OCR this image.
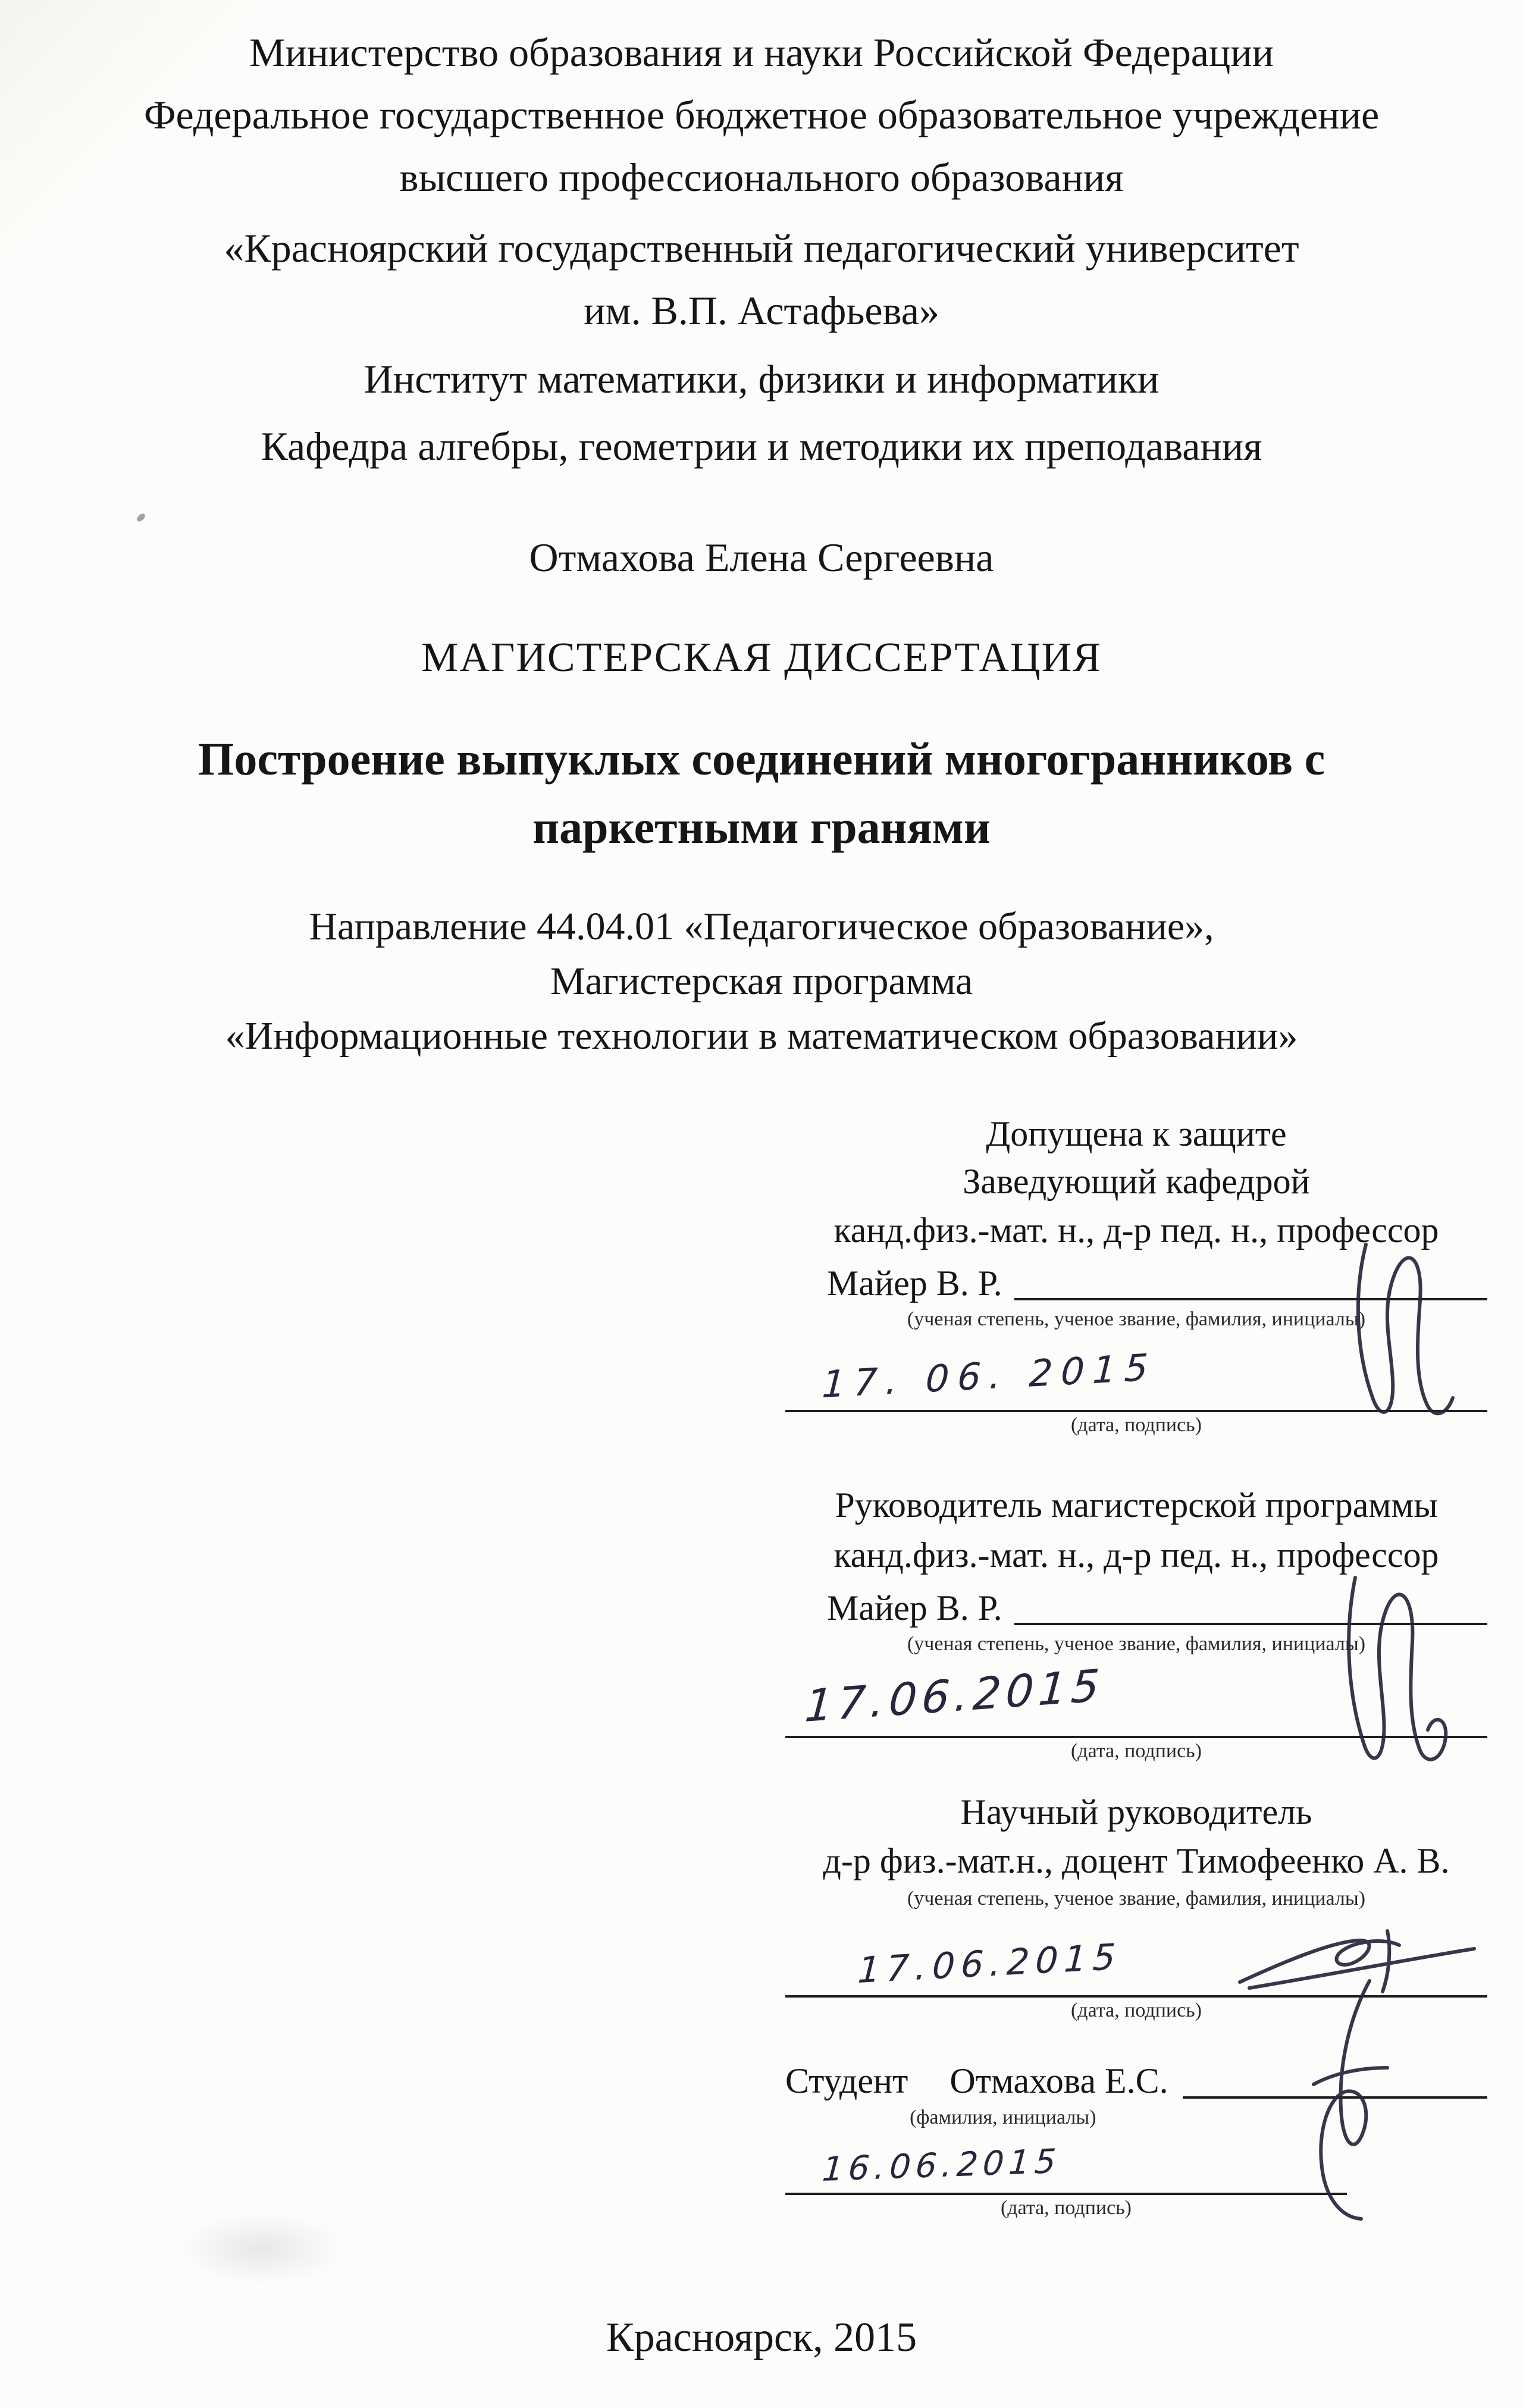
Министерство образования и науки Российской Федерации

Федеральное государственное бюджетное образовательное учреждение

высшего профессионального образования

«Красноярский государственный педагогический университет

им. В.П. Астафьева»

Институт математики, физики и информатики

Кафедра алгебры, геометрии и методики их преподавания

Отмахова Елена Сергеевна

МАГИСТЕРСКАЯ ДИССЕРТАЦИЯ

Построение выпуклых соединений многогранников с
паркетными гранями

Направление 44.04.01 «Педагогическое образование»,

Магистерская программа

«Информационные технологии в математическом образовании»

Допущена к защите

Заведующий кафедрой

канд.физ.-мат. н., д-р пед. н., профессор

Майер В. Р.

(ученая степень, ученое звание, фамилия, инициалы)

17. 06. 2015

(дата, подпись)

Руководитель магистерской программы

канд.физ.-мат. н., д-р пед. н., профессор

Майер В. Р.

(ученая степень, ученое звание, фамилия, инициалы)

17.06.2015

(дата, подпись)

Научный руководитель

д-р физ.-мат.н., доцент Тимофеенко А. В.

(ученая степень, ученое звание, фамилия, инициалы)

17.06.2015

(дата, подпись)

Студент Отмахова Е.С.

(фамилия, инициалы)

16.06.2015

(дата, подпись)

Красноярск, 2015
